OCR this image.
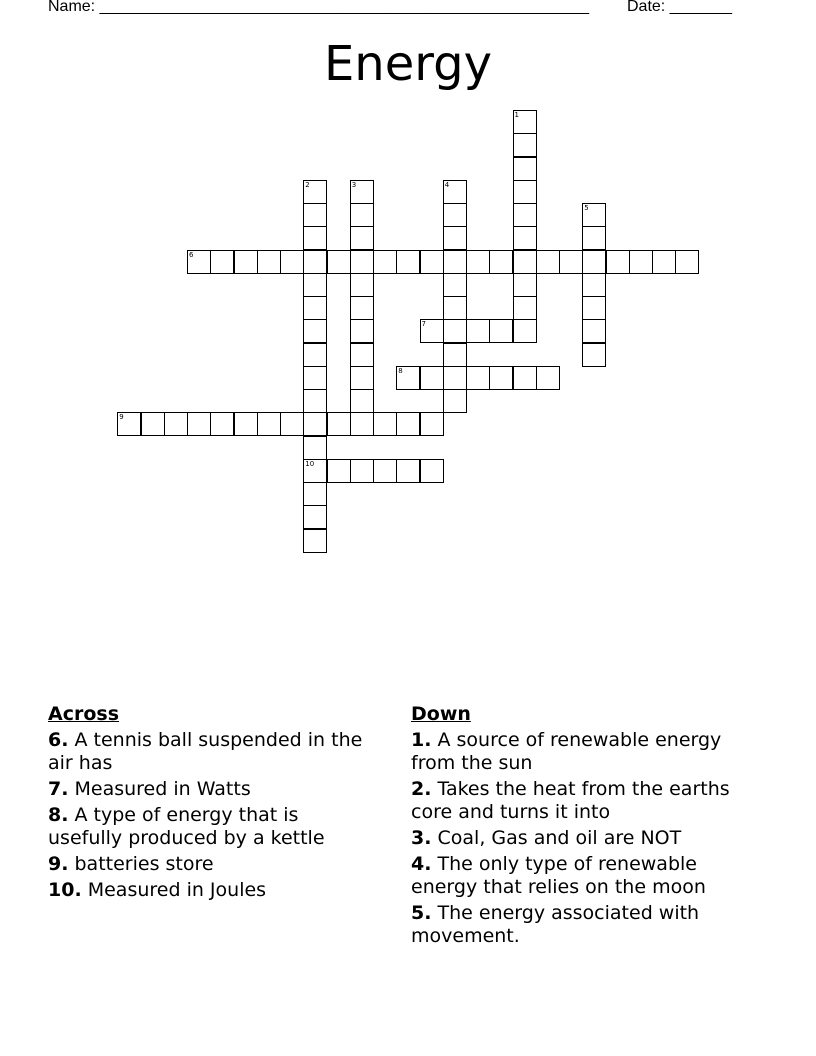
Name: _______________________________________________________

Date: _______

Energy
1
2
10
3	4
5
6
7
8
9
Across
6. A tennis ball suspended in the air has
7. Measured in Watts
8. A type of energy that is usefully produced by a kettle
9. batteries store
10. Measured in Joules
Down
1. A source of renewable energy from the sun
2. Takes the heat from the earths core and turns it into
3. Coal, Gas and oil are NOT
4. The only type of renewable energy that relies on the moon
5. The energy associated with movement.
